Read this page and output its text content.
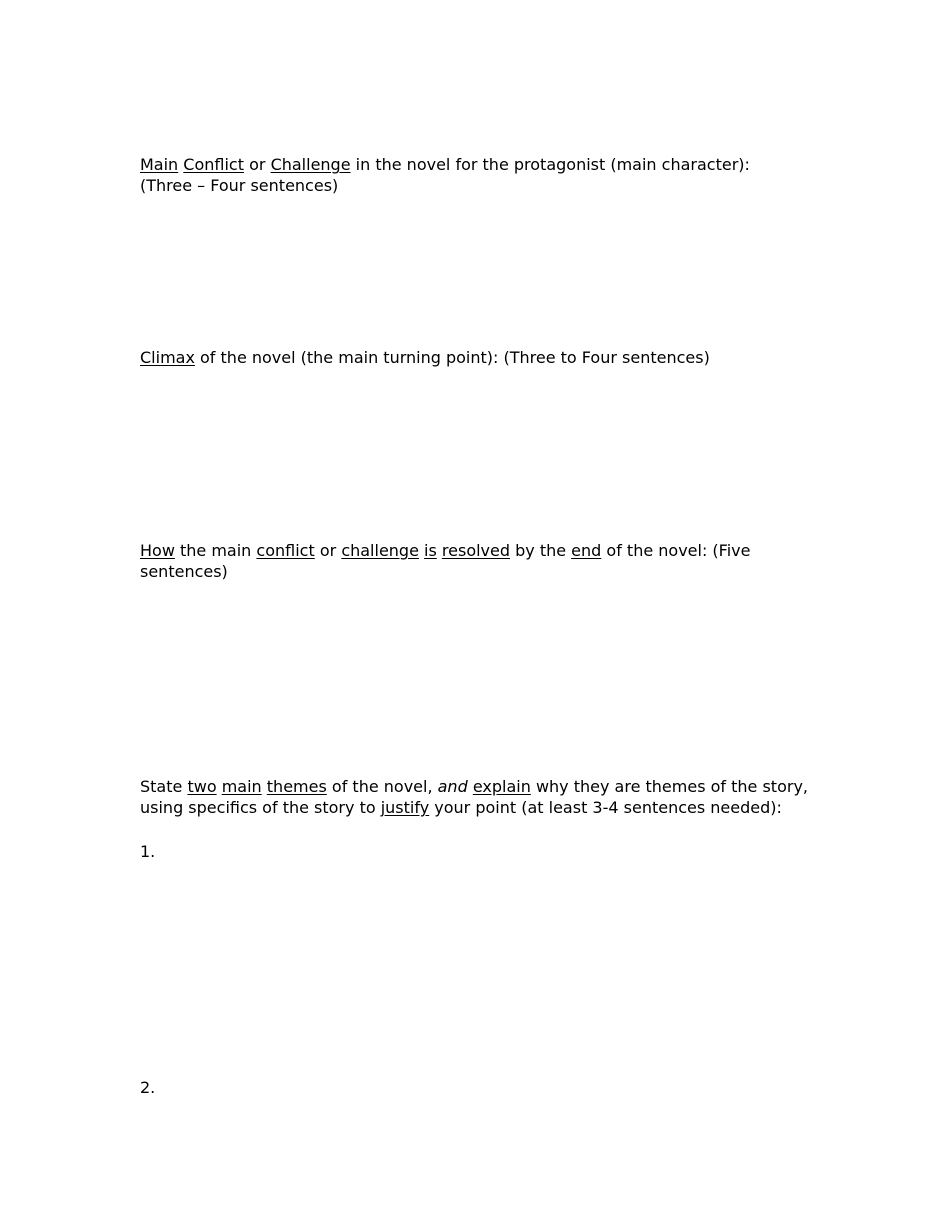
Main Conflict or Challenge in the novel for the protagonist (main character):
(Three – Four sentences)
Climax of the novel (the main turning point): (Three to Four sentences)
How the main conflict or challenge is resolved by the end of the novel: (Five sentences)
State two main themes of the novel, and explain why they are themes of the story, using specifics of the story to justify your point (at least 3-4 sentences needed):
1.
2.
